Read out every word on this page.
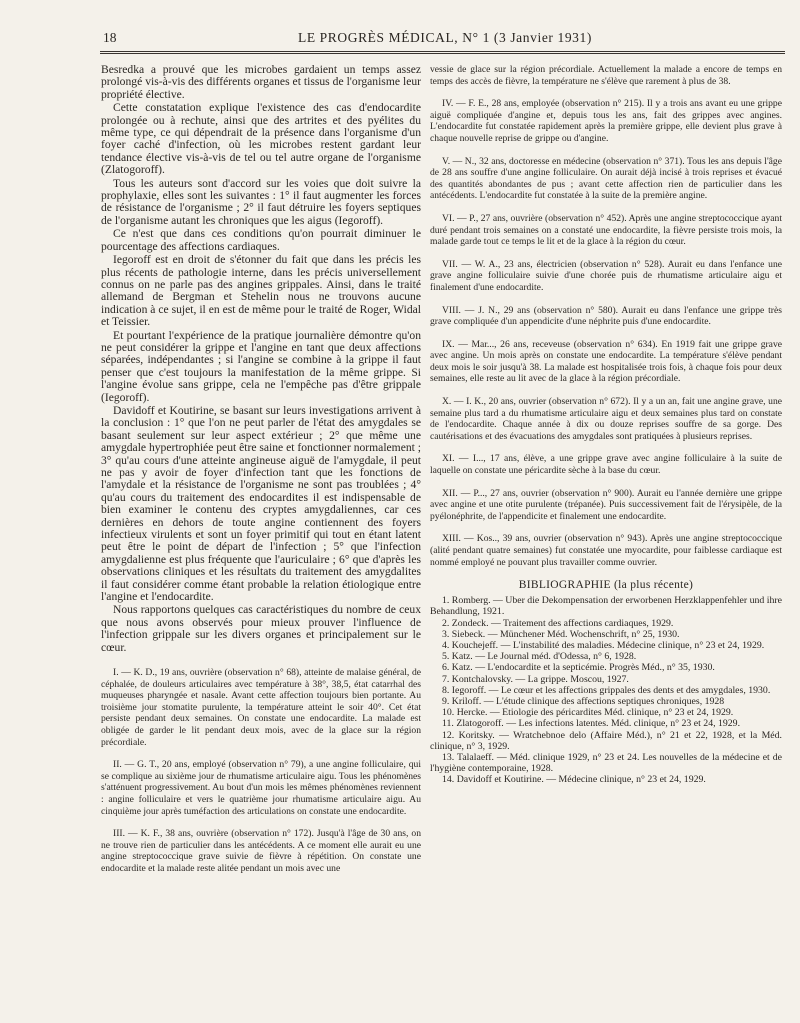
18	LE PROGRÈS MÉDICAL, N° 1 (3 Janvier 1931)

Besredka a prouvé que les microbes gardaient un temps assez prolongé vis-à-vis des différents organes et tissus de l'organisme leur propriété élective.

Cette constatation explique l'existence des cas d'endocardite prolongée ou à rechute, ainsi que des artrites et des pyélites du même type, ce qui dépendrait de la présence dans l'organisme d'un foyer caché d'infection, où les microbes restent gardant leur tendance élective vis-à-vis de tel ou tel autre organe de l'organisme (Zlatogoroff).

Tous les auteurs sont d'accord sur les voies que doit suivre la prophylaxie, elles sont les suivantes : 1° il faut augmenter les forces de résistance de l'organisme ; 2° il faut détruire les foyers septiques de l'organisme autant les chroniques que les aigus (Iegoroff).

Ce n'est que dans ces conditions qu'on pourrait diminuer le pourcentage des affections cardiaques.

Iegoroff est en droit de s'étonner du fait que dans les précis les plus récents de pathologie interne, dans les précis universellement connus on ne parle pas des angines grippales. Ainsi, dans le traité allemand de Bergman et Stehelin nous ne trouvons aucune indication à ce sujet, il en est de même pour le traité de Roger, Widal et Teissier.

Et pourtant l'expérience de la pratique journalière démontre qu'on ne peut considérer la grippe et l'angine en tant que deux affections séparées, indépendantes ; si l'angine se combine à la grippe il faut penser que c'est toujours la manifestation de la même grippe. Si l'angine évolue sans grippe, cela ne l'empêche pas d'être grippale (Iegoroff).

Davidoff et Koutirine, se basant sur leurs investigations arrivent à la conclusion : 1° que l'on ne peut parler de l'état des amygdales se basant seulement sur leur aspect extérieur ; 2° que même une amygdale hypertrophiée peut être saine et fonctionner normalement ; 3° qu'au cours d'une atteinte angineuse aiguë de l'amygdale, il peut ne pas y avoir de foyer d'infection tant que les fonctions de l'amydale et la résistance de l'organisme ne sont pas troublées ; 4° qu'au cours du traitement des endocardites il est indispensable de bien examiner le contenu des cryptes amygdaliennes, car ces dernières en dehors de toute angine contiennent des foyers infectieux virulents et sont un foyer primitif qui tout en étant latent peut être le point de départ de l'infection ; 5° que l'infection amygdalienne est plus fréquente que l'auriculaire ; 6° que d'après les observations cliniques et les résultats du traitement des amygdalites il faut considérer comme étant probable la relation étiologique entre l'angine et l'endocardite.

Nous rapportons quelques cas caractéristiques du nombre de ceux que nous avons observés pour mieux prouver l'influence de l'infection grippale sur les divers organes et principalement sur le cœur.

I. — K. D., 19 ans, ouvrière (observation n° 68), atteinte de malaise général, de céphalée, de douleurs articulaires avec température à 38°, 38,5, état catarrhal des muqueuses pharyngée et nasale. Avant cette affection toujours bien portante. Au troisième jour stomatite purulente, la température atteint le soir 40°. Cet état persiste pendant deux semaines. On constate une endocardite. La malade est obligée de garder le lit pendant deux mois, avec de la glace sur la région précordiale.

II. — G. T., 20 ans, employé (observation n° 79), a une angine folliculaire, qui se complique au sixième jour de rhumatisme articulaire aigu. Tous les phénomènes s'atténuent progressivement. Au bout d'un mois les mêmes phénomènes reviennent : angine folliculaire et vers le quatrième jour rhumatisme articulaire aigu. Au cinquième jour après tuméfaction des articulations on constate une endocardite.

III. — K. F., 38 ans, ouvrière (observation n° 172). Jusqu'à l'âge de 30 ans, on ne trouve rien de particulier dans les antécédents. A ce moment elle aurait eu une angine streptococcique grave suivie de fièvre à répétition. On constate une endocardite et la malade reste alitée pendant un mois avec une

vessie de glace sur la région précordiale. Actuellement la malade a encore de temps en temps des accès de fièvre, la température ne s'élève que rarement à plus de 38.

IV. — F. E., 28 ans, employée (observation n° 215). Il y a trois ans avant eu une grippe aiguë compliquée d'angine et, depuis tous les ans, fait des grippes avec angines. L'endocardite fut constatée rapidement après la première grippe, elle devient plus grave à chaque nouvelle reprise de grippe ou d'angine.

V. — N., 32 ans, doctoresse en médecine (observation n° 371). Tous les ans depuis l'âge de 28 ans souffre d'une angine folliculaire. On aurait déjà incisé à trois reprises et évacué des quantités abondantes de pus ; avant cette affection rien de particulier dans les antécédents. L'endocardite fut constatée à la suite de la première angine.

VI. — P., 27 ans, ouvrière (observation n° 452). Après une angine streptococcique ayant duré pendant trois semaines on a constaté une endocardite, la fièvre persiste trois mois, la malade garde tout ce temps le lit et de la glace à la région du cœur.

VII. — W. A., 23 ans, électricien (observation n° 528). Aurait eu dans l'enfance une grave angine folliculaire suivie d'une chorée puis de rhumatisme articulaire aigu et finalement d'une endocardite.

VIII. — J. N., 29 ans (observation n° 580). Aurait eu dans l'enfance une grippe très grave compliquée d'un appendicite d'une néphrite puis d'une endocardite.

IX. — Mar..., 26 ans, receveuse (observation n° 634). En 1919 fait une grippe grave avec angine. Un mois après on constate une endocardite. La température s'élève pendant deux mois le soir jusqu'à 38. La malade est hospitalisée trois fois, à chaque fois pour deux semaines, elle reste au lit avec de la glace à la région précordiale.

X. — I. K., 20 ans, ouvrier (observation n° 672). Il y a un an, fait une angine grave, une semaine plus tard a du rhumatisme articulaire aigu et deux semaines plus tard on constate de l'endocardite. Chaque année à dix ou douze reprises souffre de sa gorge. Des cautérisations et des évacuations des amygdales sont pratiquées à plusieurs reprises.

XI. — I..., 17 ans, élève, a une grippe grave avec angine folliculaire à la suite de laquelle on constate une péricardite sèche à la base du cœur.

XII. — P..., 27 ans, ouvrier (observation n° 900). Aurait eu l'année dernière une grippe avec angine et une otite purulente (trépanée). Puis successivement fait de l'érysipèle, de la pyélonéphrite, de l'appendicite et finalement une endocardite.

XIII. — Kos.., 39 ans, ouvrier (observation n° 943). Après une angine streptococcique (alité pendant quatre semaines) fut constatée une myocardite, pour faiblesse cardiaque est nommé employé ne pouvant plus travailler comme ouvrier.

BIBLIOGRAPHIE (la plus récente)

1. Romberg. — Uber die Dekompensation der erworbenen Herzklappenfehler und ihre Behandlung, 1921.

2. Zondeck. — Traitement des affections cardiaques, 1929.

3. Siebeck. — Münchener Méd. Wochenschrift, n° 25, 1930.

4. Kouchejeff. — L'instabilité des maladies. Médecine clinique, n° 23 et 24, 1929.

5. Katz. — Le Journal méd. d'Odessa, n° 6, 1928.

6. Katz. — L'endocardite et la septicémie. Progrès Méd., n° 35, 1930.

7. Kontchalovsky. — La grippe. Moscou, 1927.

8. Iegoroff. — Le cœur et les affections grippales des dents et des amygdales, 1930.

9. Kriloff. — L'étude clinique des affections septiques chroniques, 1928

10. Hercke. — Etiologie des péricardites Méd. clinique, n° 23 et 24, 1929.

11. Zlatogoroff. — Les infections latentes. Méd. clinique, n° 23 et 24, 1929.

12. Koritsky. — Wratchebnoe delo (Affaire Méd.), n° 21 et 22, 1928, et la Méd. clinique, n° 3, 1929.

13. Talalaeff. — Méd. clinique 1929, n° 23 et 24. Les nouvelles de la médecine et de l'hygiène contemporaine, 1928.

14. Davidoff et Koutirine. — Médecine clinique, n° 23 et 24, 1929.
